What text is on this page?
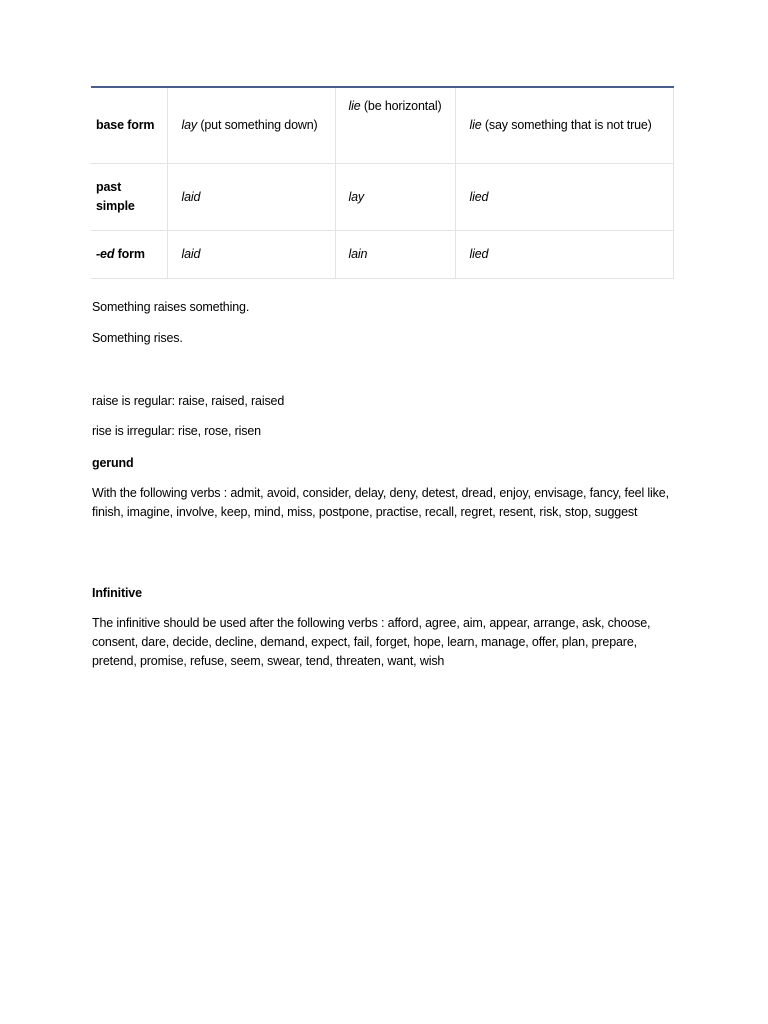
base form	lay (put something down)	lie (be horizontal)	lie (say something that is not true)
past simple	laid	lay	lied
-ed form	laid	lain	lied

Something raises something.

Something rises.

raise is regular: raise, raised, raised

rise is irregular: rise, rose, risen

gerund

With the following verbs : admit, avoid, consider, delay, deny, detest, dread, enjoy, envisage, fancy, feel like, finish, imagine, involve, keep, mind, miss, postpone, practise, recall, regret, resent, risk, stop, suggest

Infinitive

The infinitive should be used after the following verbs : afford, agree, aim, appear, arrange, ask, choose, consent, dare, decide, decline, demand, expect, fail, forget, hope, learn, manage, offer, plan, prepare, pretend, promise, refuse, seem, swear, tend, threaten, want, wish
